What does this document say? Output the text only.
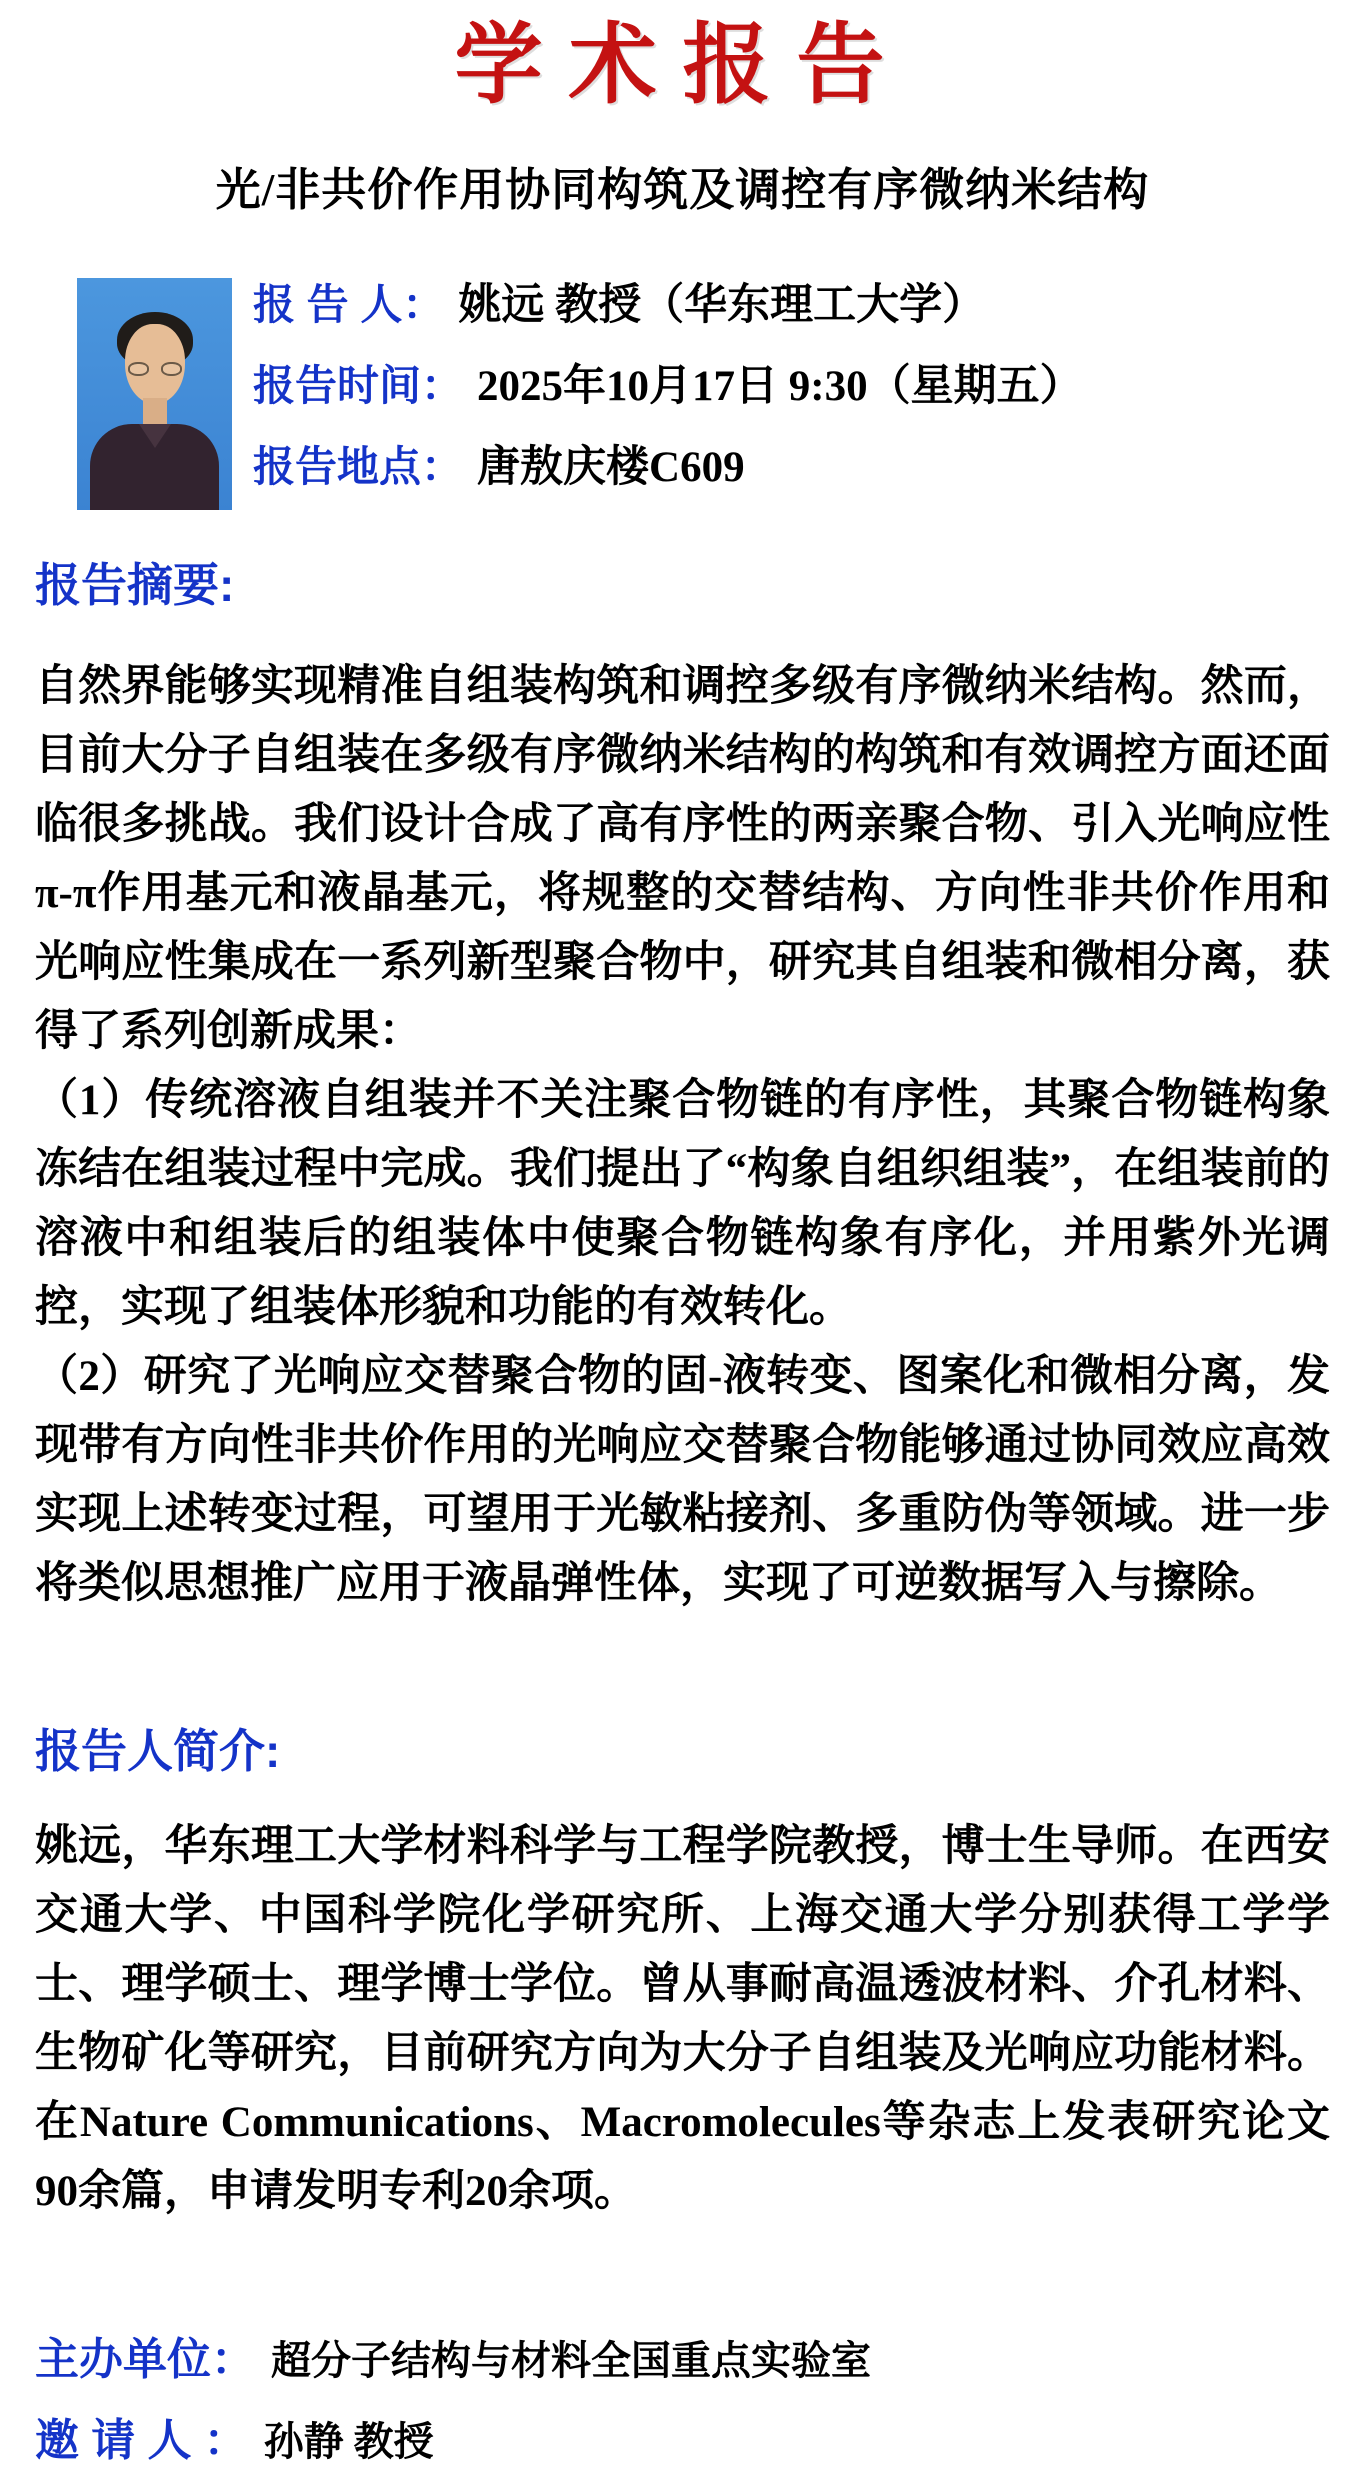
学术报告
光/非共价作用协同构筑及调控有序微纳米结构
报 告 人： 姚远 教授（华东理工大学）
报告时间： 2025年10月17日 9:30（星期五）
报告地点： 唐敖庆楼C609
报告摘要:

自然界能够实现精准自组装构筑和调控多级有序微纳米结构。然而，目前大分子自组装在多级有序微纳米结构的构筑和有效调控方面还面临很多挑战。我们设计合成了高有序性的两亲聚合物、引入光响应性π-π作用基元和液晶基元，将规整的交替结构、方向性非共价作用和光响应性集成在一系列新型聚合物中，研究其自组装和微相分离，获得了系列创新成果：

（1）传统溶液自组装并不关注聚合物链的有序性，其聚合物链构象冻结在组装过程中完成。我们提出了“构象自组织组装”，在组装前的溶液中和组装后的组装体中使聚合物链构象有序化，并用紫外光调控，实现了组装体形貌和功能的有效转化。

（2）研究了光响应交替聚合物的固-液转变、图案化和微相分离，发现带有方向性非共价作用的光响应交替聚合物能够通过协同效应高效实现上述转变过程，可望用于光敏粘接剂、多重防伪等领域。进一步将类似思想推广应用于液晶弹性体，实现了可逆数据写入与擦除。

报告人简介:

姚远，华东理工大学材料科学与工程学院教授，博士生导师。在西安交通大学、中国科学院化学研究所、上海交通大学分别获得工学学士、理学硕士、理学博士学位。曾从事耐高温透波材料、介孔材料、生物矿化等研究，目前研究方向为大分子自组装及光响应功能材料。在Nature Communications、Macromolecules等杂志上发表研究论文90余篇，申请发明专利20余项。

主办单位： 超分子结构与材料全国重点实验室
邀 请 人 ： 孙静 教授
